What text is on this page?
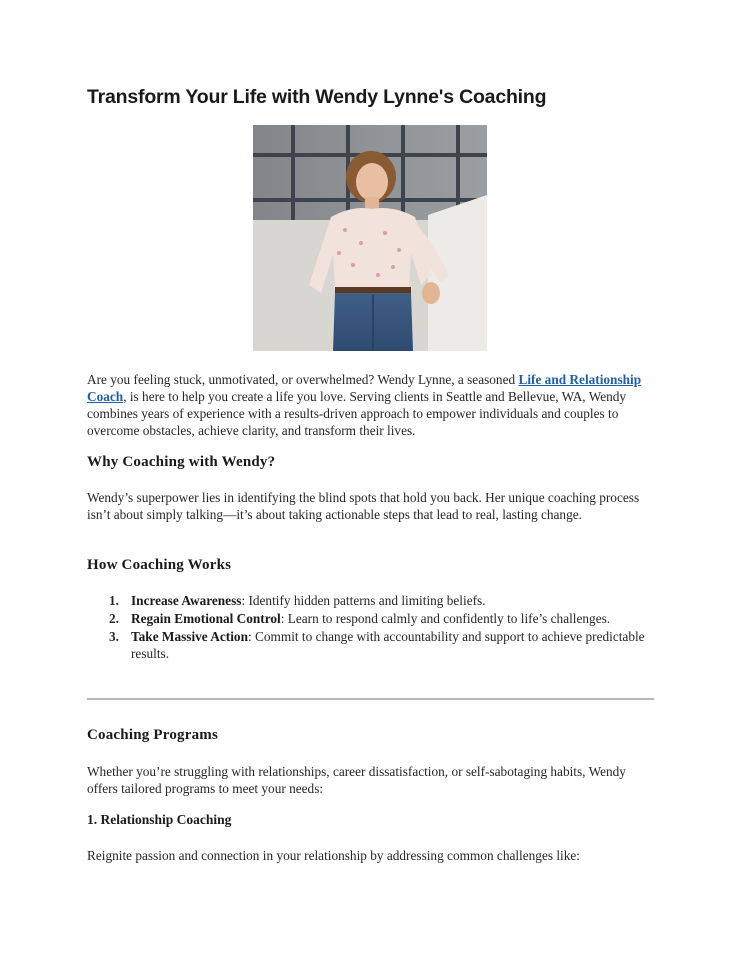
Transform Your Life with Wendy Lynne's Coaching

Are you feeling stuck, unmotivated, or overwhelmed? Wendy Lynne, a seasoned Life and Relationship Coach, is here to help you create a life you love. Serving clients in Seattle and Bellevue, WA, Wendy combines years of experience with a results-driven approach to empower individuals and couples to overcome obstacles, achieve clarity, and transform their lives.

Why Coaching with Wendy?

Wendy’s superpower lies in identifying the blind spots that hold you back. Her unique coaching process isn’t about simply talking—it’s about taking actionable steps that lead to real, lasting change.

How Coaching Works
1. Increase Awareness: Identify hidden patterns and limiting beliefs.
2. Regain Emotional Control: Learn to respond calmly and confidently to life’s challenges.
3. Take Massive Action: Commit to change with accountability and support to achieve predictable results.
Coaching Programs

Whether you’re struggling with relationships, career dissatisfaction, or self-sabotaging habits, Wendy offers tailored programs to meet your needs:

1. Relationship Coaching

Reignite passion and connection in your relationship by addressing common challenges like:
